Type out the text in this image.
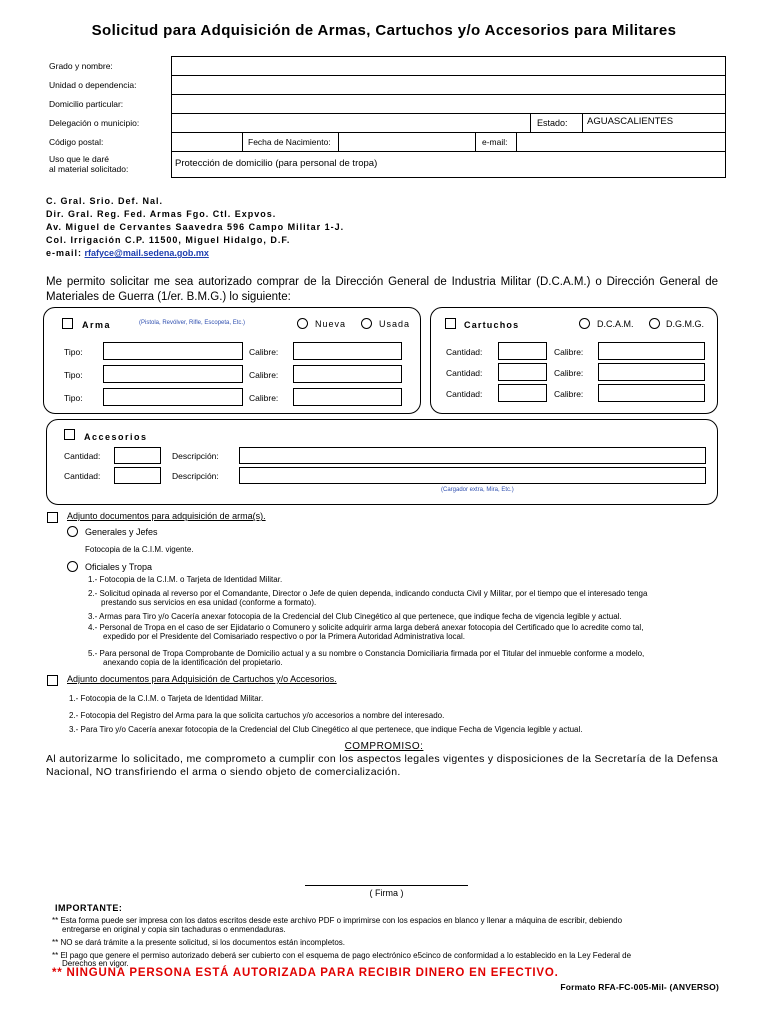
Solicitud para Adquisición de Armas, Cartuchos y/o Accesorios para Militares
Grado y nombre:
Unidad o dependencia:
Domicilio particular:
Delegación o municipio:	Estado: AGUASCALIENTES
Código postal:	Fecha de Nacimiento:	e-mail:
Uso que le daré
al material solicitado:	Protección de domicilio (para personal de tropa)
C. Gral. Srio. Def. Nal.
Dir. Gral. Reg. Fed. Armas Fgo. Ctl. Expvos.
Av. Miguel de Cervantes Saavedra 596 Campo Militar 1-J.
Col. Irrigación C.P. 11500, Miguel Hidalgo, D.F.
e-mail: rfafyce@mail.sedena.gob.mx
Me permito solicitar me sea autorizado comprar de la Dirección General de Industria Militar (D.C.A.M.) o Dirección General de Materiales de Guerra (1/er. B.M.G.) lo siguiente:
Arma	(Pistola, Revólver, Rifle, Escopeta, Etc.)	Nueva	Usada
Tipo:	Calibre:
Tipo:	Calibre:
Tipo:	Calibre:
Cartuchos	D.C.A.M.	D.G.M.G.
Cantidad:	Calibre:
Cantidad:	Calibre:
Cantidad:	Calibre:
Accesorios
Cantidad:	Descripción:
Cantidad:	Descripción:
(Cargador extra, Mira, Etc.)
Adjunto documentos para adquisición de arma(s).
Generales y Jefes
Fotocopia de la C.I.M. vigente.
Oficiales y Tropa
1.- Fotocopia de la C.I.M. o Tarjeta de Identidad Militar.
2.- Solicitud opinada al reverso por el Comandante, Director o Jefe de quien dependa, indicando conducta Civil y Militar, por el tiempo que el interesado tenga
prestando sus servicios en esa unidad (conforme a formato).
3.- Armas para Tiro y/o Cacería anexar fotocopia de la Credencial del Club Cinegético al que pertenece, que indique fecha de vigencia legible y actual.
4.- Personal de Tropa en el caso de ser Ejidatario o Comunero y solicite adquirir arma larga deberá anexar fotocopia del Certificado que lo acredite como tal,
expedido por el Presidente del Comisariado respectivo o por la Primera Autoridad Administrativa local.
5.- Para personal de Tropa Comprobante de Domicilio actual y a su nombre o Constancia Domiciliaria firmada por el Titular del inmueble conforme a modelo,
anexando copia de la identificación del propietario.
Adjunto documentos para Adquisición de Cartuchos y/o Accesorios.
1.- Fotocopia de la C.I.M. o Tarjeta de Identidad Militar.
2.- Fotocopia del Registro del Arma para la que solicita cartuchos y/o accesorios a nombre del interesado.
3.- Para Tiro y/o Cacería anexar fotocopia de la Credencial del Club Cinegético al que pertenece, que indique Fecha de Vigencia legible y actual.
COMPROMISO:
Al autorizarme lo solicitado, me comprometo a cumplir con los aspectos legales vigentes y disposiciones de la Secretaría de la Defensa Nacional, NO transfiriendo el arma o siendo objeto de comercialización.
( Firma )
IMPORTANTE:
** Esta forma puede ser impresa con los datos escritos desde este archivo PDF o imprimirse con los espacios en blanco y llenar a máquina de escribir, debiendo
entregarse en original y copia sin tachaduras o enmendaduras.
** NO se dará trámite a la presente solicitud, si los documentos están incompletos.
** El pago que genere el permiso autorizado deberá ser cubierto con el esquema de pago electrónico e5cinco de conformidad a lo establecido en la Ley Federal de
Derechos en vigor.
** NINGUNA PERSONA ESTÁ AUTORIZADA PARA RECIBIR DINERO EN EFECTIVO.
Formato RFA-FC-005-Mil- (ANVERSO)
